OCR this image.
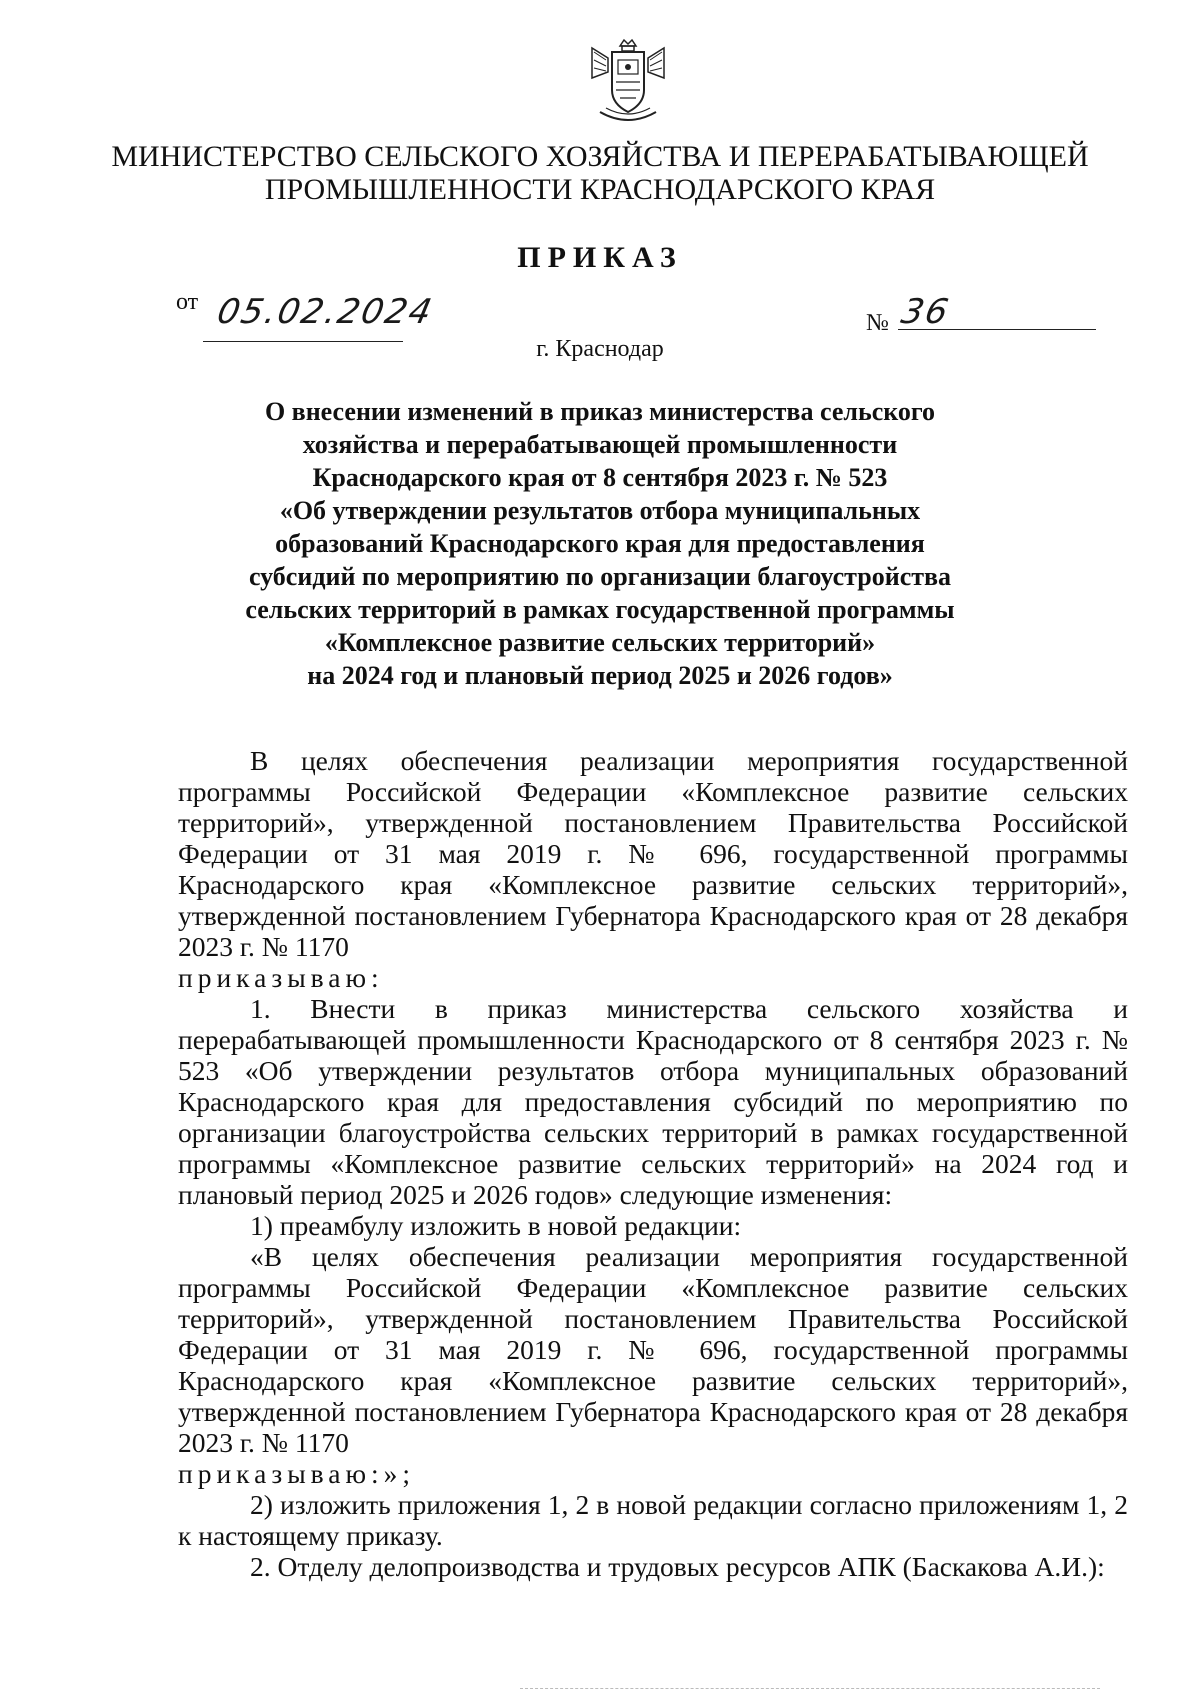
МИНИСТЕРСТВО СЕЛЬСКОГО ХОЗЯЙСТВА И ПЕРЕРАБАТЫВАЮЩЕЙ
ПРОМЫШЛЕННОСТИ КРАСНОДАРСКОГО КРАЯ
ПРИКАЗ
от 05.02.2024	№ 36
г. Краснодар
О внесении изменений в приказ министерства сельского
хозяйства и перерабатывающей промышленности
Краснодарского края от 8 сентября 2023 г. № 523
«Об утверждении результатов отбора муниципальных
образований Краснодарского края для предоставления
субсидий по мероприятию по организации благоустройства
сельских территорий в рамках государственной программы
«Комплексное развитие сельских территорий»
на 2024 год и плановый период 2025 и 2026 годов»

В целях обеспечения реализации мероприятия государственной программы Российской Федерации «Комплексное развитие сельских территорий», утвержденной постановлением Правительства Российской Федерации от 31 мая 2019 г. № 696, государственной программы Краснодарского края «Комплексное развитие сельских территорий», утвержденной постановлением Губернатора Краснодарского края от 28 декабря 2023 г. № 1170

приказываю:

1. Внести в приказ министерства сельского хозяйства и перерабатывающей промышленности Краснодарского от 8 сентября 2023 г. № 523 «Об утверждении результатов отбора муниципальных образований Краснодарского края для предоставления субсидий по мероприятию по организации благоустройства сельских территорий в рамках государственной программы «Комплексное развитие сельских территорий» на 2024 год и плановый период 2025 и 2026 годов» следующие изменения:

1) преамбулу изложить в новой редакции:

«В целях обеспечения реализации мероприятия государственной программы Российской Федерации «Комплексное развитие сельских территорий», утвержденной постановлением Правительства Российской Федерации от 31 мая 2019 г. № 696, государственной программы Краснодарского края «Комплексное развитие сельских территорий», утвержденной постановлением Губернатора Краснодарского края от 28 декабря 2023 г. № 1170

приказываю:»;

2) изложить приложения 1, 2 в новой редакции согласно приложениям 1, 2 к настоящему приказу.

2. Отделу делопроизводства и трудовых ресурсов АПК (Баскакова А.И.):
